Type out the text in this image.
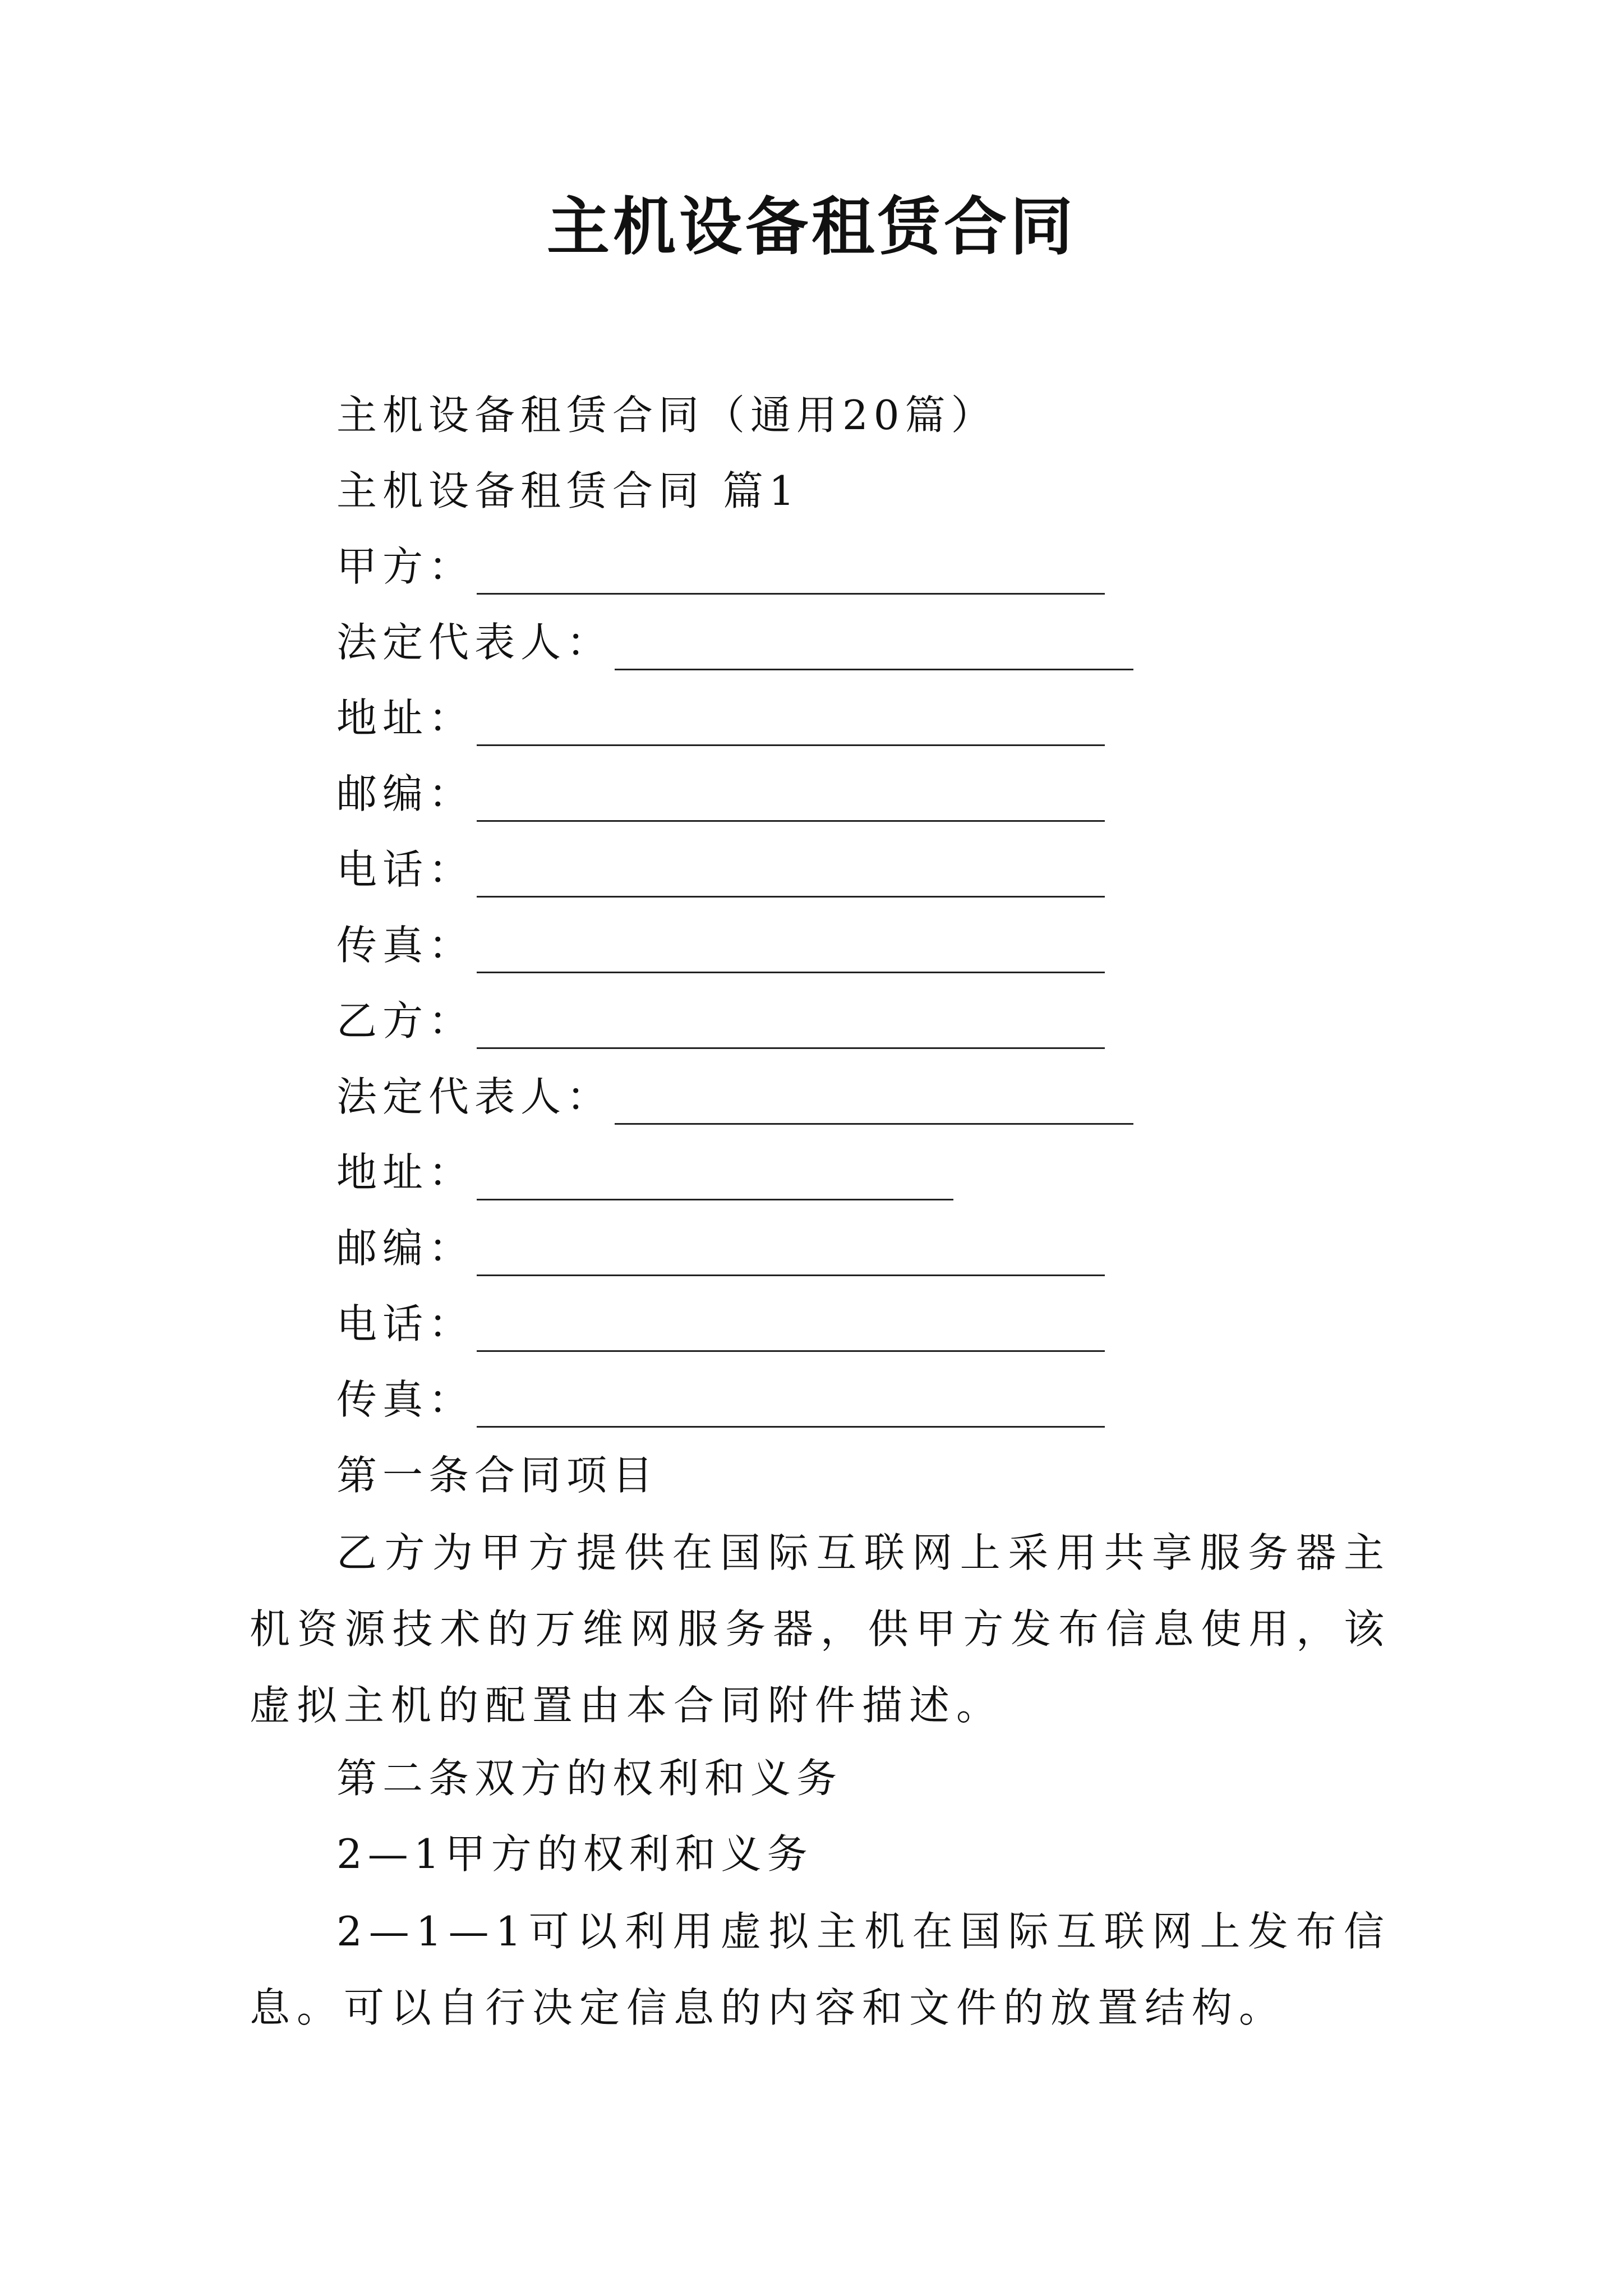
主机设备租赁合同
主机设备租赁合同（通用20篇）
主机设备租赁合同 篇1
甲方：
法定代表人：
地址：
邮编：
电话：
传真：
乙方：
法定代表人：
地址：
邮编：
电话：
传真：
第一条合同项目

乙方为甲方提供在国际互联网上采用共享服务器主机资源技术的万维网服务器，供甲方发布信息使用，该虚拟主机的配置由本合同附件描述。

第二条双方的权利和义务
2—1甲方的权利和义务

2—1—1可以利用虚拟主机在国际互联网上发布信息。可以自行决定信息的内容和文件的放置结构。
